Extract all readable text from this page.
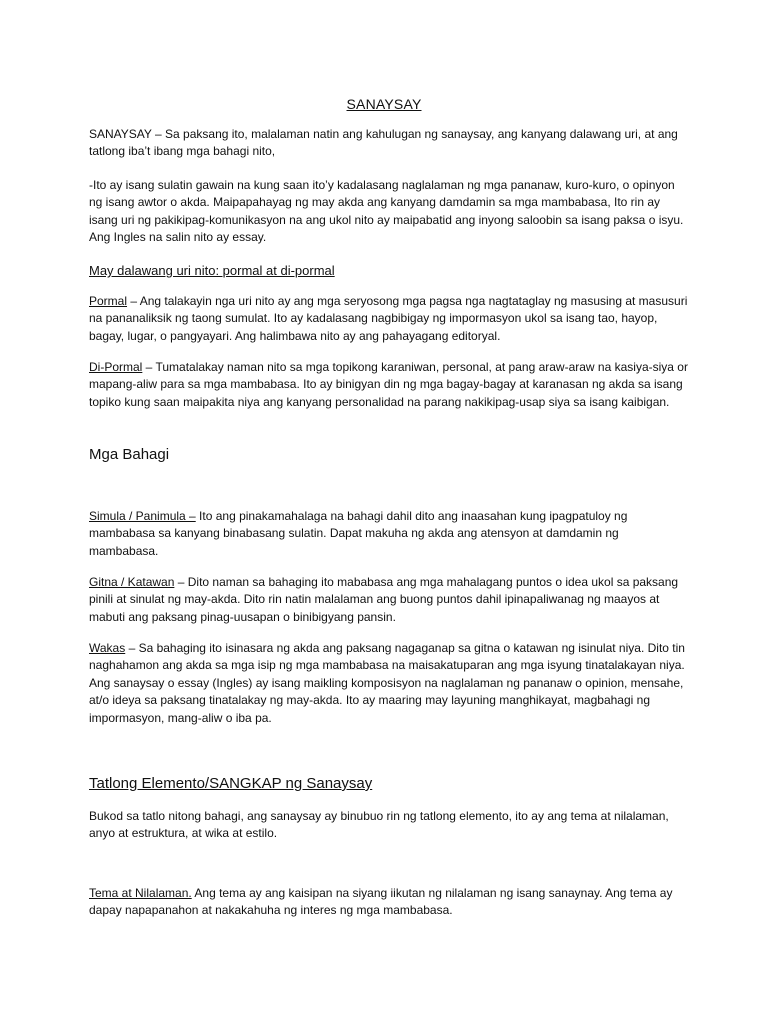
SANAYSAY

SANAYSAY – Sa paksang ito, malalaman natin ang kahulugan ng sanaysay, ang kanyang dalawang uri, at ang tatlong iba’t ibang mga bahagi nito,

-Ito ay isang sulatin gawain na kung saan ito’y kadalasang naglalaman ng mga pananaw, kuro-kuro, o opinyon ng isang awtor o akda. Maipapahayag ng may akda ang kanyang damdamin sa mga mambabasa, Ito rin ay isang uri ng pakikipag-komunikasyon na ang ukol nito ay maipabatid ang inyong saloobin sa isang paksa o isyu. Ang Ingles na salin nito ay essay.

May dalawang uri nito: pormal at di-pormal

Pormal – Ang talakayin nga uri nito ay ang mga seryosong mga pagsa nga nagtataglay ng masusing at masusuri na pananaliksik ng taong sumulat. Ito ay kadalasang nagbibigay ng impormasyon ukol sa isang tao, hayop, bagay, lugar, o pangyayari. Ang halimbawa nito ay ang pahayagang editoryal.

Di-Pormal – Tumatalakay naman nito sa mga topikong karaniwan, personal, at pang araw-araw na kasiya-siya or mapang-aliw para sa mga mambabasa. Ito ay binigyan din ng mga bagay-bagay at karanasan ng akda sa isang topiko kung saan maipakita niya ang kanyang personalidad na parang nakikipag-usap siya sa isang kaibigan.

Mga Bahagi

Simula / Panimula – Ito ang pinakamahalaga na bahagi dahil dito ang inaasahan kung ipagpatuloy ng mambabasa sa kanyang binabasang sulatin. Dapat makuha ng akda ang atensyon at damdamin ng mambabasa.

Gitna / Katawan – Dito naman sa bahaging ito mababasa ang mga mahalagang puntos o idea ukol sa paksang pinili at sinulat ng may-akda. Dito rin natin malalaman ang buong puntos dahil ipinapaliwanag ng maayos at mabuti ang paksang pinag-uusapan o binibigyang pansin.

Wakas – Sa bahaging ito isinasara ng akda ang paksang nagaganap sa gitna o katawan ng isinulat niya. Dito tin naghahamon ang akda sa mga isip ng mga mambabasa na maisakatuparan ang mga isyung tinatalakayan niya. Ang sanaysay o essay (Ingles) ay isang maikling komposisyon na naglalaman ng pananaw o opinion, mensahe, at/o ideya sa paksang tinatalakay ng may-akda. Ito ay maaring may layuning manghikayat, magbahagi ng impormasyon, mang-aliw o iba pa.

Tatlong Elemento/SANGKAP ng Sanaysay

Bukod sa tatlo nitong bahagi, ang sanaysay ay binubuo rin ng tatlong elemento, ito ay ang tema at nilalaman, anyo at estruktura, at wika at estilo.

Tema at Nilalaman. Ang tema ay ang kaisipan na siyang iikutan ng nilalaman ng isang sanaynay. Ang tema ay dapay napapanahon at nakakahuha ng interes ng mga mambabasa.
